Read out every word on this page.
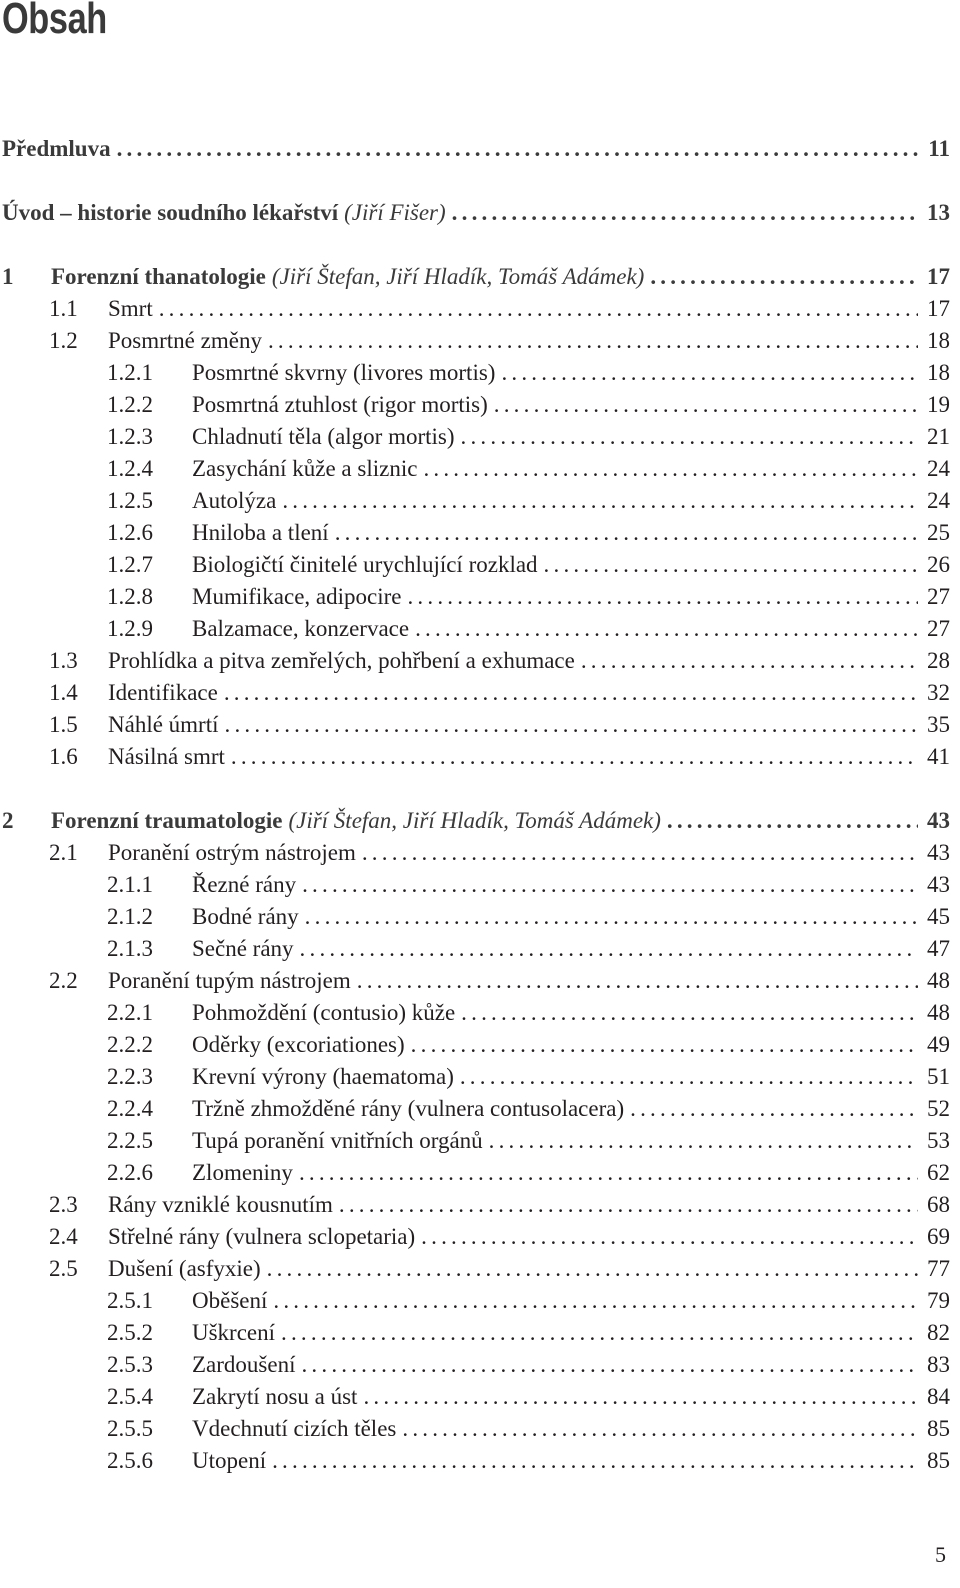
Obsah
Předmluva .....	11
Úvod – historie soudního lékařství (Jiří Fišer) .....	13
1	Forenzní thanatologie (Jiří Štefan, Jiří Hladík, Tomáš Adámek) .....	17
1.1	Smrt .....	17
1.2	Posmrtné změny .....	18
1.2.1	Posmrtné skvrny (livores mortis) .....	18
1.2.2	Posmrtná ztuhlost (rigor mortis) .....	19
1.2.3	Chladnutí těla (algor mortis) .....	21
1.2.4	Zasychání kůže a sliznic .....	24
1.2.5	Autolýza .....	24
1.2.6	Hniloba a tlení .....	25
1.2.7	Biologičtí činitelé urychlující rozklad .....	26
1.2.8	Mumifikace, adipocire .....	27
1.2.9	Balzamace, konzervace .....	27
1.3	Prohlídka a pitva zemřelých, pohřbení a exhumace .....	28
1.4	Identifikace .....	32
1.5	Náhlé úmrtí .....	35
1.6	Násilná smrt .....	41
2	Forenzní traumatologie (Jiří Štefan, Jiří Hladík, Tomáš Adámek) .....	43
2.1	Poranění ostrým nástrojem .....	43
2.1.1	Řezné rány .....	43
2.1.2	Bodné rány .....	45
2.1.3	Sečné rány .....	47
2.2	Poranění tupým nástrojem .....	48
2.2.1	Pohmoždění (contusio) kůže .....	48
2.2.2	Oděrky (excoriationes) .....	49
2.2.3	Krevní výrony (haematoma) .....	51
2.2.4	Tržně zhmožděné rány (vulnera contusolacera) .....	52
2.2.5	Tupá poranění vnitřních orgánů .....	53
2.2.6	Zlomeniny .....	62
2.3	Rány vzniklé kousnutím .....	68
2.4	Střelné rány (vulnera sclopetaria) .....	69
2.5	Dušení (asfyxie) .....	77
2.5.1	Oběšení .....	79
2.5.2	Uškrcení .....	82
2.5.3	Zardoušení .....	83
2.5.4	Zakrytí nosu a úst .....	84
2.5.5	Vdechnutí cizích těles .....	85
2.5.6	Utopení .....	85
5
